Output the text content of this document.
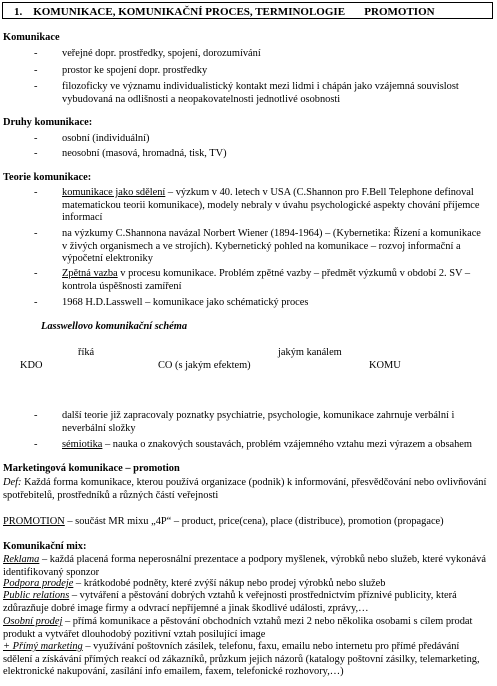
1. KOMUNIKACE, KOMUNIKAČNÍ PROCES, TERMINOLOGIE PROMOTION
Komunikace
- veřejné dopr. prostředky, spojení, dorozumívání
- prostor ke spojení dopr. prostředky
- filozoficky ve významu individualistický kontakt mezi lidmi i chápán jako vzájemná souvislost vybudovaná na odlišnosti a neopakovatelnosti jednotlivé osobnosti
Druhy komunikace:
- osobní (individuální)
- neosobní (masová, hromadná, tisk, TV)
Teorie komunikace:
- komunikace jako sdělení – výzkum v 40. letech v USA (C.Shannon pro F.Bell Telephone definoval matematickou teorii komunikace), modely nebraly v úvahu psychologické aspekty chování příjemce informací
- na výzkumy C.Shannona navázal Norbert Wiener (1894-1964) – (Kybernetika: Řízení a komunikace v živých organismech a ve strojích). Kybernetický pohled na komunikace – rozvoj informační a výpočetní elektroniky
- Zpětná vazba v procesu komunikace. Problém zpětné vazby – předmět výzkumů v období 2. SV – kontrola úspěšnosti zamíření
- 1968 H.D.Lasswell – komunikace jako schématický proces
Lasswellovo komunikační schéma
říká	jakým kanálem
KDO	CO (s jakým efektem)	KOMU
- další teorie již zapracovaly poznatky psychiatrie, psychologie, komunikace zahrnuje verbální i neverbální složky
- sémiotika – nauka o znakových soustavách, problém vzájemného vztahu mezi výrazem a obsahem
Marketingová komunikace – promotion
Def: Každá forma komunikace, kterou používá organizace (podnik) k informování, přesvědčování nebo ovlivňování spotřebitelů, prostředníků a různých částí veřejnosti
PROMOTION – součást MR mixu „4P“ – product, price(cena), place (distribuce), promotion (propagace)
Komunikační mix:
Reklama – každá placená forma neperosnální prezentace a podpory myšlenek, výrobků nebo služeb, které vykonává identifikovaný sponzor
Podpora prodeje – krátkodobé podněty, které zvýší nákup nebo prodej výrobků nebo služeb
Public relations – vytváření a pěstování dobrých vztahů k veřejnosti prostřednictvím příznivé publicity, která zdůrazňuje dobré image firmy a odvrací nepříjemné a jinak škodlivé události, zprávy,…
Osobní prodej – přímá komunikace a pěstování obchodních vztahů mezi 2 nebo několika osobami s cílem prodat produkt a vytvářet dlouhodobý pozitivní vztah posilující image
+ Přímý marketing – využívání poštovních zásilek, telefonu, faxu, emailu nebo internetu pro přímé předávání sdělení a získávání přímých reakcí od zákazníků, průzkum jejich názorů (katalogy poštovní zásilky, telemarketing, elektronické nakupování, zasílání info emailem, faxem, telefonické rozhovory,…)
